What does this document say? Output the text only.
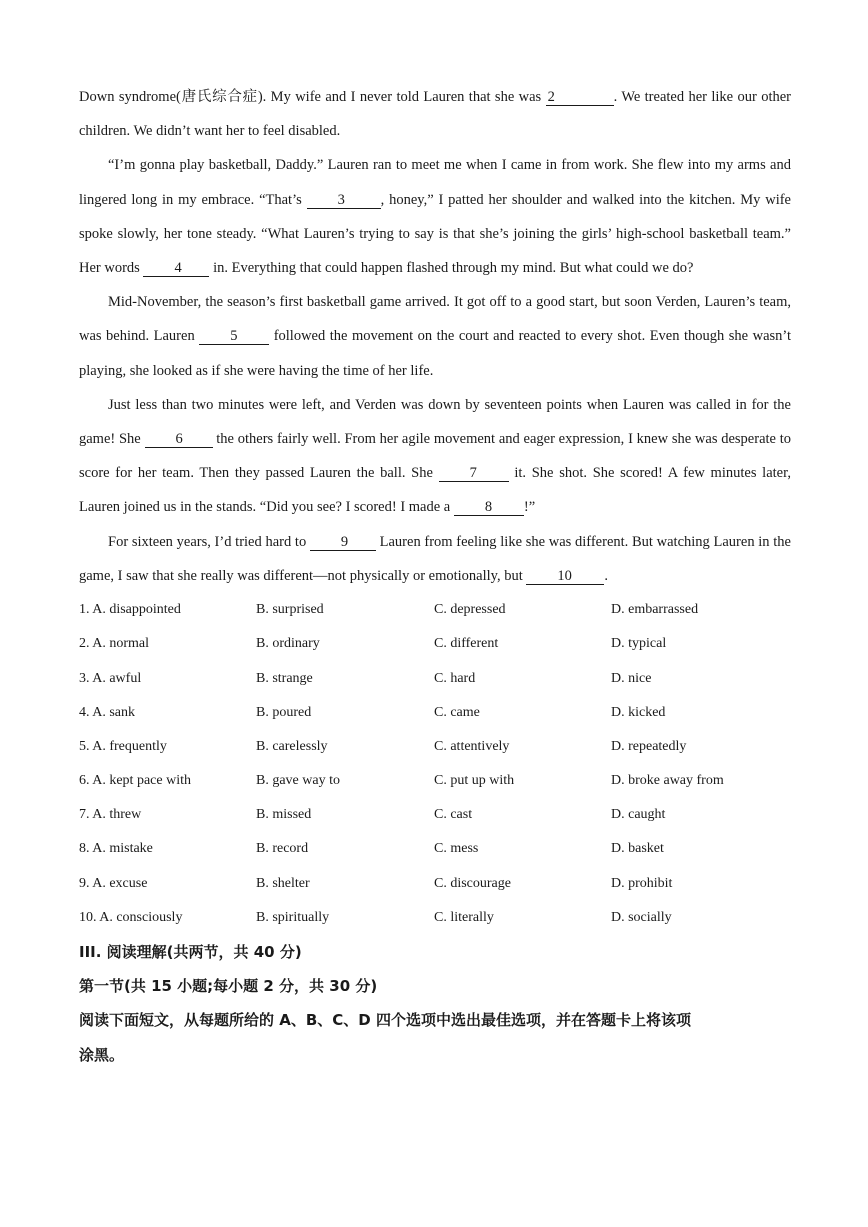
Down syndrome(唐氏综合症). My wife and I never told Lauren that she was 2	. We treated her like our other children. We didn’t want her to feel disabled.

“I’m gonna play basketball, Daddy.” Lauren ran to meet me when I came in from work. She flew into my arms and lingered long in my embrace. “That’s 3 , honey,” I patted her shoulder and walked into the kitchen. My wife spoke slowly, her tone steady. “What Lauren’s trying to say is that she’s joining the girls’ high-school basketball team.” Her words 4 in. Everything that could happen flashed through my mind. But what could we do?

Mid-November, the season’s first basketball game arrived. It got off to a good start, but soon Verden, Lauren’s team, was behind. Lauren 5 followed the movement on the court and reacted to every shot. Even though she wasn’t playing, she looked as if she were having the time of her life.

Just less than two minutes were left, and Verden was down by seventeen points when Lauren was called in for the game! She 6 the others fairly well. From her agile movement and eager expression, I knew she was desperate to score for her team. Then they passed Lauren the ball. She 7 it. She shot. She scored! A few minutes later, Lauren joined us in the stands. “Did you see? I scored! I made a 8 !”

For sixteen years, I’d tried hard to 9 Lauren from feeling like she was different. But watching Lauren in the game, I saw that she really was different—not physically or emotionally, but 10 .

1. A. disappointed	B. surprised	C. depressed	D. embarrassed
2. A. normal	B. ordinary	C. different	D. typical
3. A. awful	B. strange	C. hard	D. nice
4. A. sank	B. poured	C. came	D. kicked
5. A. frequently	B. carelessly	C. attentively	D. repeatedly
6. A. kept pace with	B. gave way to	C. put up with	D. broke away from
7. A. threw	B. missed	C. cast	D. caught
8. A. mistake	B. record	C. mess	D. basket
9. A. excuse	B. shelter	C. discourage	D. prohibit
10. A. consciously	B. spiritually	C. literally	D. socially

III. 阅读理解(共两节，共 40 分)

第一节(共 15 小题;每小题 2 分，共 30 分)

阅读下面短文，从每题所给的 A、B、C、D 四个选项中选出最佳选项，并在答题卡上将该项涂黑。
